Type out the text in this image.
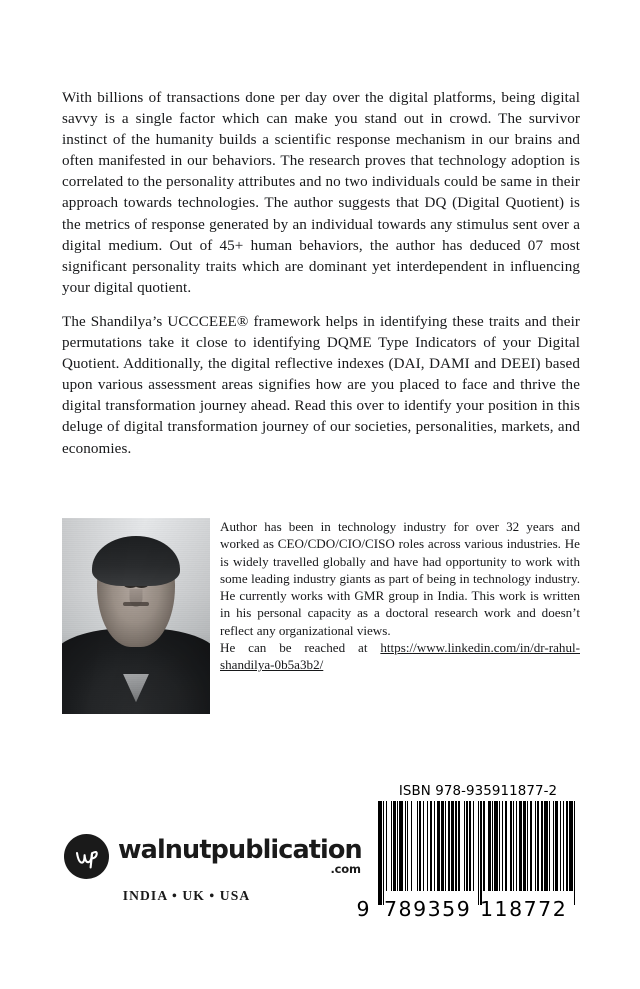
With billions of transactions done per day over the digital platforms, being digital savvy is a single factor which can make you stand out in crowd. The survivor instinct of the humanity builds a scientific response mechanism in our brains and often manifested in our behaviors. The research proves that technology adoption is correlated to the personality attributes and no two individuals could be same in their approach towards technologies. The author suggests that DQ (Digital Quotient) is the metrics of response generated by an individual towards any stimulus sent over a digital medium. Out of 45+ human behaviors, the author has deduced 07 most significant personality traits which are dominant yet interdependent in influencing your digital quotient.

The Shandilya’s UCCCEEE® framework helps in identifying these traits and their permutations take it close to identifying DQME Type Indicators of your Digital Quotient. Additionally, the digital reflective indexes (DAI, DAMI and DEEI) based upon various assessment areas signifies how are you placed to face and thrive the digital transformation journey ahead. Read this over to identify your position in this deluge of digital transformation journey of our societies, personalities, markets, and economies.

Author has been in technology industry for over 32 years and worked as CEO/CDO/CIO/CISO roles across various industries. He is widely travelled globally and have had opportunity to work with some leading industry giants as part of being in technology industry. He currently works with GMR group in India. This work is written in his personal capacity as a doctoral research work and doesn’t reflect any organizational views.

He can be reached at https://www.linkedin.com/in/dr-rahul-shandilya-0b5a3b2/

walnutpublication
.com
INDIA • UK • USA
ISBN 978-935911877-2
9 789359 118772
